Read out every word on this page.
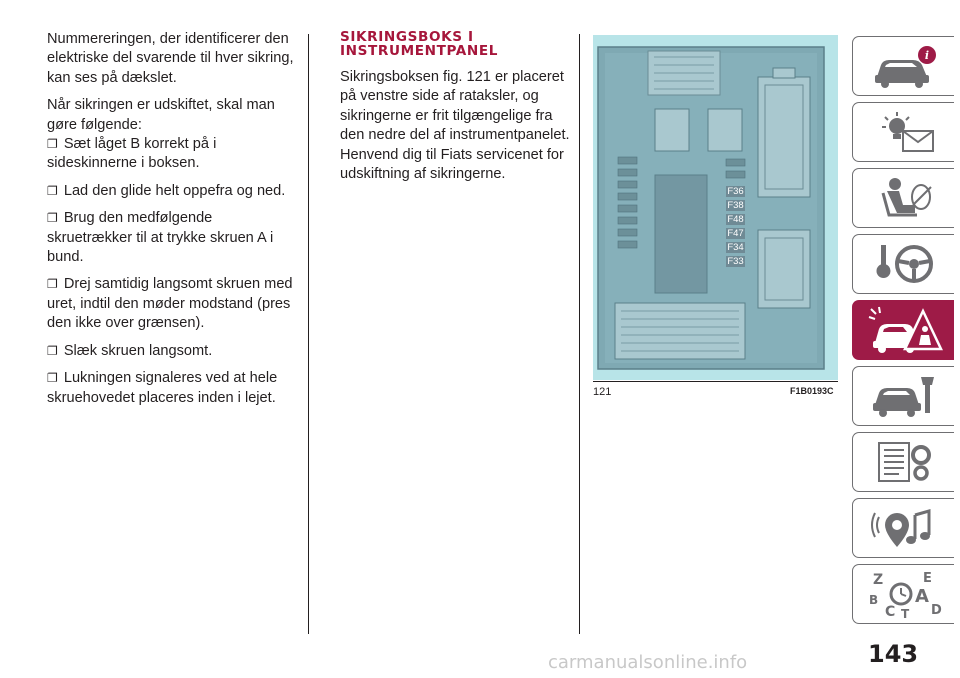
Nummereringen, der identificerer den elektriske del svarende til hver sikring, kan ses på dækslet.

Når sikringen er udskiftet, skal man gøre følgende:

❐ Sæt låget B korrekt på i sideskinnerne i boksen.

❐ Lad den glide helt oppefra og ned.

❐ Brug den medfølgende skruetrækker til at trykke skruen A i bund.

❐ Drej samtidig langsomt skruen med uret, indtil den møder modstand (pres den ikke over grænsen).

❐ Slæk skruen langsomt.

❐ Lukningen signaleres ved at hele skruehovedet placeres inden i lejet.

SIKRINGSBOKS I
INSTRUMENTPANEL

Sikringsboksen fig. 121 er placeret på venstre side af rataksler, og sikringerne er frit tilgængelige fra den nedre del af instrumentpanelet.

Henvend dig til Fiats servicenet for udskiftning af sikringerne.

F36
F38
F48
F47
F34
F33
121	F1B0193C
i
Z	E
B A
C	D
T
143
carmanualsonline.info
